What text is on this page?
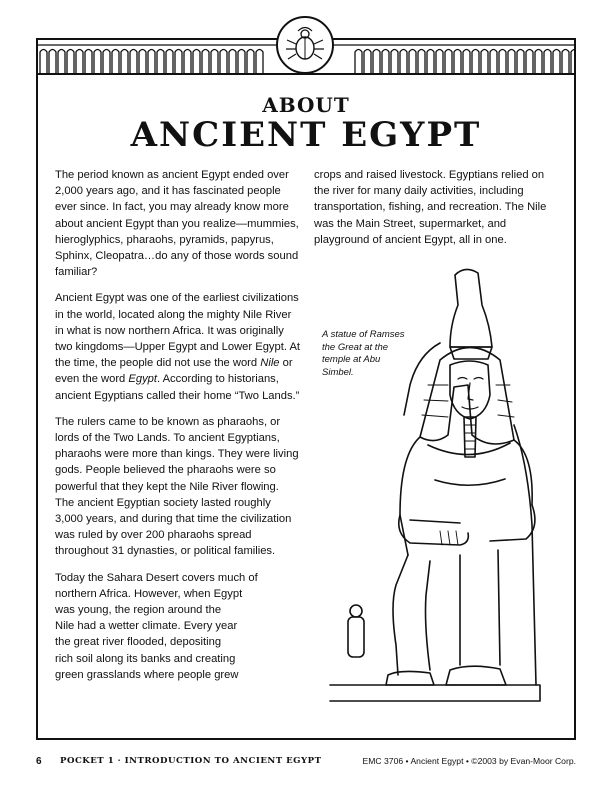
ABOUT
ANCIENT EGYPT

The period known as ancient Egypt ended over 2,000 years ago, and it has fascinated people ever since. In fact, you may already know more about ancient Egypt than you realize—mummies, hieroglyphics, pharaohs, pyramids, papyrus, Sphinx, Cleopatra…do any of those words sound familiar?

Ancient Egypt was one of the earliest civilizations in the world, located along the mighty Nile River in what is now northern Africa. It was originally two kingdoms—Upper Egypt and Lower Egypt. At the time, the people did not use the word Nile or even the word Egypt. According to historians, ancient Egyptians called their home “Two Lands.”

The rulers came to be known as pharaohs, or lords of the Two Lands. To ancient Egyptians, pharaohs were more than kings. They were living gods. People believed the pharaohs were so powerful that they kept the Nile River flowing. The ancient Egyptian society lasted roughly 3,000 years, and during that time the civilization was ruled by over 200 pharaohs spread throughout 31 dynasties, or political families.

Today the Sahara Desert covers much of
northern Africa. However, when Egypt
was young, the region around the
Nile had a wetter climate. Every year
the great river flooded, depositing
rich soil along its banks and creating
green grasslands where people grew

crops and raised livestock. Egyptians relied on the river for many daily activities, including transportation, fishing, and recreation. The Nile was the Main Street, supermarket, and playground of ancient Egypt, all in one.

A statue of Ramses the Great at the temple at Abu Simbel.
6 POCKET 1 · INTRODUCTION TO ANCIENT EGYPT	EMC 3706 • Ancient Egypt • ©2003 by Evan-Moor Corp.
